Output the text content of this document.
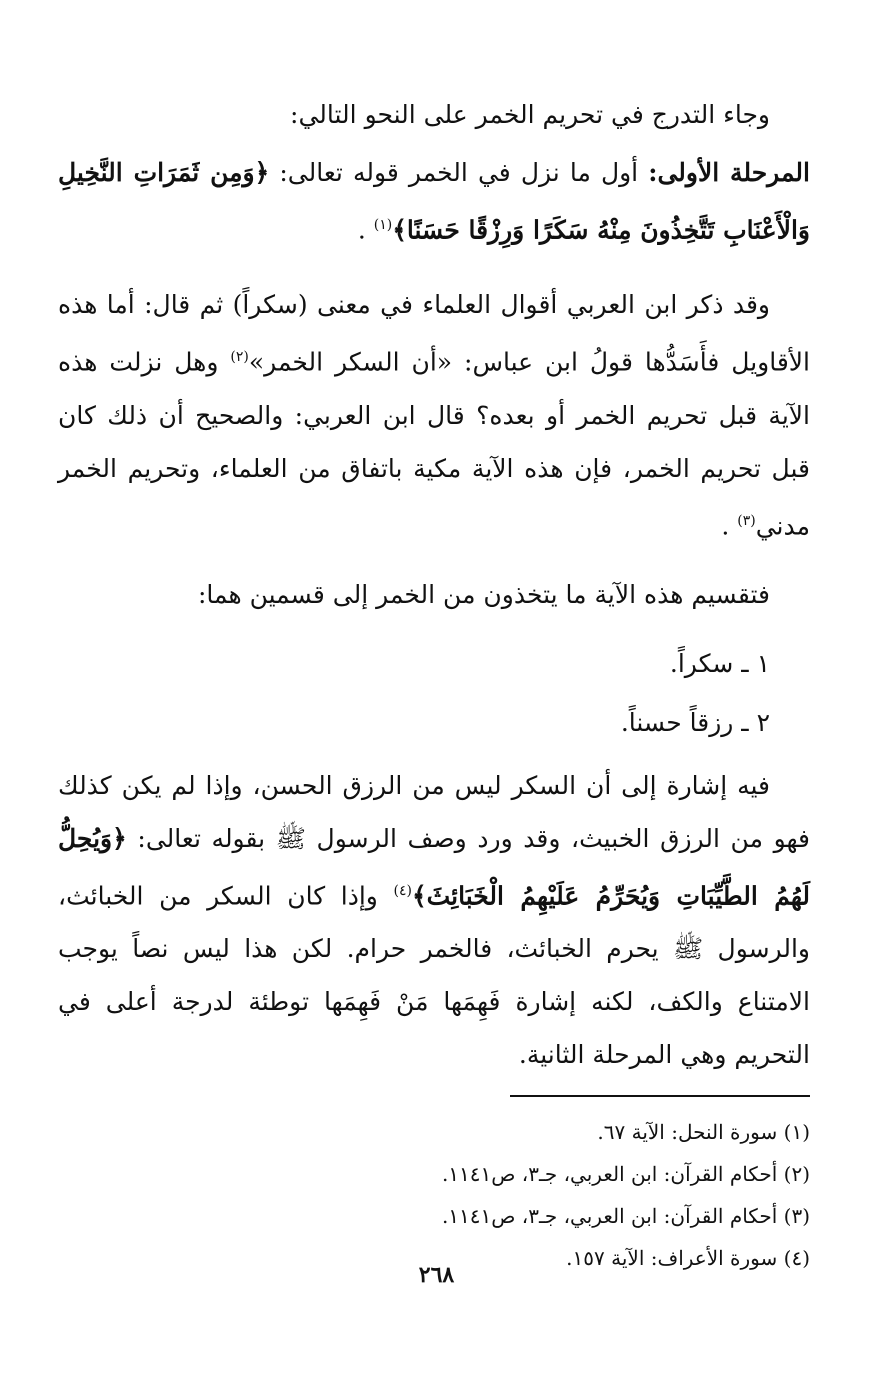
وجاء التدرج في تحريم الخمر على النحو التالي:

المرحلة الأولى: أول ما نزل في الخمر قوله تعالى: ﴿وَمِن ثَمَرَاتِ النَّخِيلِ وَالْأَعْنَابِ تَتَّخِذُونَ مِنْهُ سَكَرًا وَرِزْقًا حَسَنًا﴾$^{(١)}$ .

وقد ذكر ابن العربي أقوال العلماء في معنى (سكراً) ثم قال: أما هذه الأقاويل فأَسَدُّها قولُ ابن عباس: «أن السكر الخمر»$^{(٢)}$ وهل نزلت هذه الآية قبل تحريم الخمر أو بعده؟ قال ابن العربي: والصحيح أن ذلك كان قبل تحريم الخمر، فإن هذه الآية مكية باتفاق من العلماء، وتحريم الخمر مدني$^{(٣)}$ .

فتقسيم هذه الآية ما يتخذون من الخمر إلى قسمين هما:

١ ـ سكراً.

٢ ـ رزقاً حسناً.

فيه إشارة إلى أن السكر ليس من الرزق الحسن، وإذا لم يكن كذلك فهو من الرزق الخبيث، وقد ورد وصف الرسول ﷺ بقوله تعالى: ﴿وَيُحِلُّ لَهُمُ الطَّيِّبَاتِ وَيُحَرِّمُ عَلَيْهِمُ الْخَبَائِثَ﴾$^{(٤)}$ وإذا كان السكر من الخبائث، والرسول ﷺ يحرم الخبائث، فالخمر حرام. لكن هذا ليس نصاً يوجب الامتناع والكف، لكنه إشارة فَهِمَها مَنْ فَهِمَها توطئة لدرجة أعلى في التحريم وهي المرحلة الثانية.

(١) سورة النحل: الآية ٦٧.

(٢) أحكام القرآن: ابن العربي، جـ٣، ص١١٤١.

(٣) أحكام القرآن: ابن العربي، جـ٣، ص١١٤١.

(٤) سورة الأعراف: الآية ١٥٧.

٢٦٨
